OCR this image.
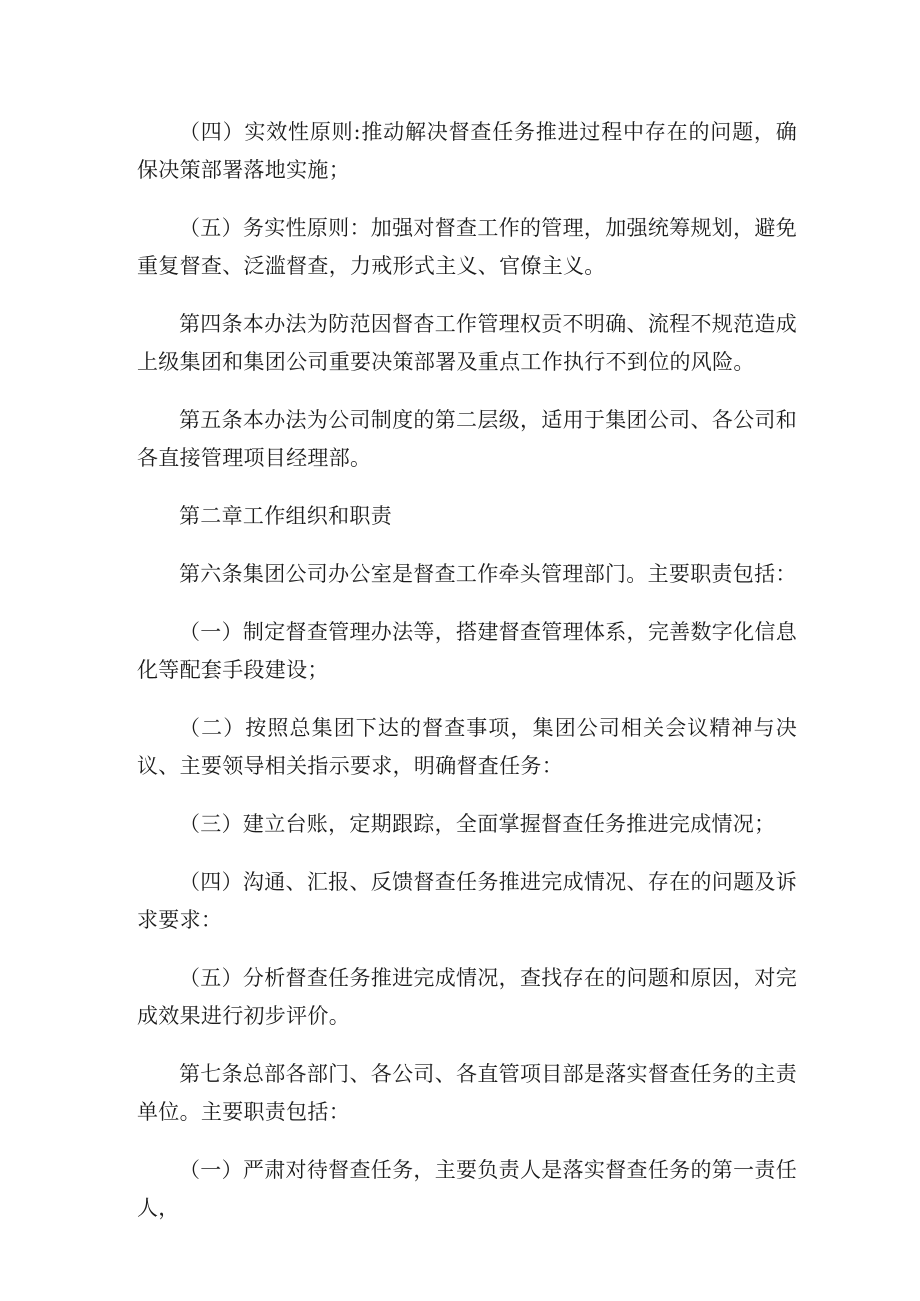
（四）实效性原则:推动解决督查任务推进过程中存在的问题，确保决策部署落地实施；

（五）务实性原则：加强对督查工作的管理，加强统筹规划，避免重复督查、泛滥督查，力戒形式主义、官僚主义。

第四条本办法为防范因督杳工作管理权贡不明确、流程不规范造成上级集团和集团公司重要决策部署及重点工作执行不到位的风险。

第五条本办法为公司制度的第二层级，适用于集团公司、各公司和各直接管理项目经理部。

第二章工作组织和职责

第六条集团公司办公室是督查工作牵头管理部门。主要职责包括：

（一）制定督查管理办法等，搭建督查管理体系，完善数字化信息化等配套手段建设；

（二）按照总集团下达的督查事项，集团公司相关会议精神与决议、主要领导相关指示要求，明确督査任务：

（三）建立台账，定期跟踪，全面掌握督查任务推进完成情况；

（四）沟通、汇报、反馈督查任务推进完成情况、存在的问题及诉求要求：

（五）分析督查任务推进完成情况，查找存在的问题和原因，对完成效果进行初步评价。

第七条总部各部门、各公司、各直管项目部是落实督查任务的主责单位。主要职责包括：

（一）严肃对待督查任务，主要负责人是落实督查任务的第一责任人，
